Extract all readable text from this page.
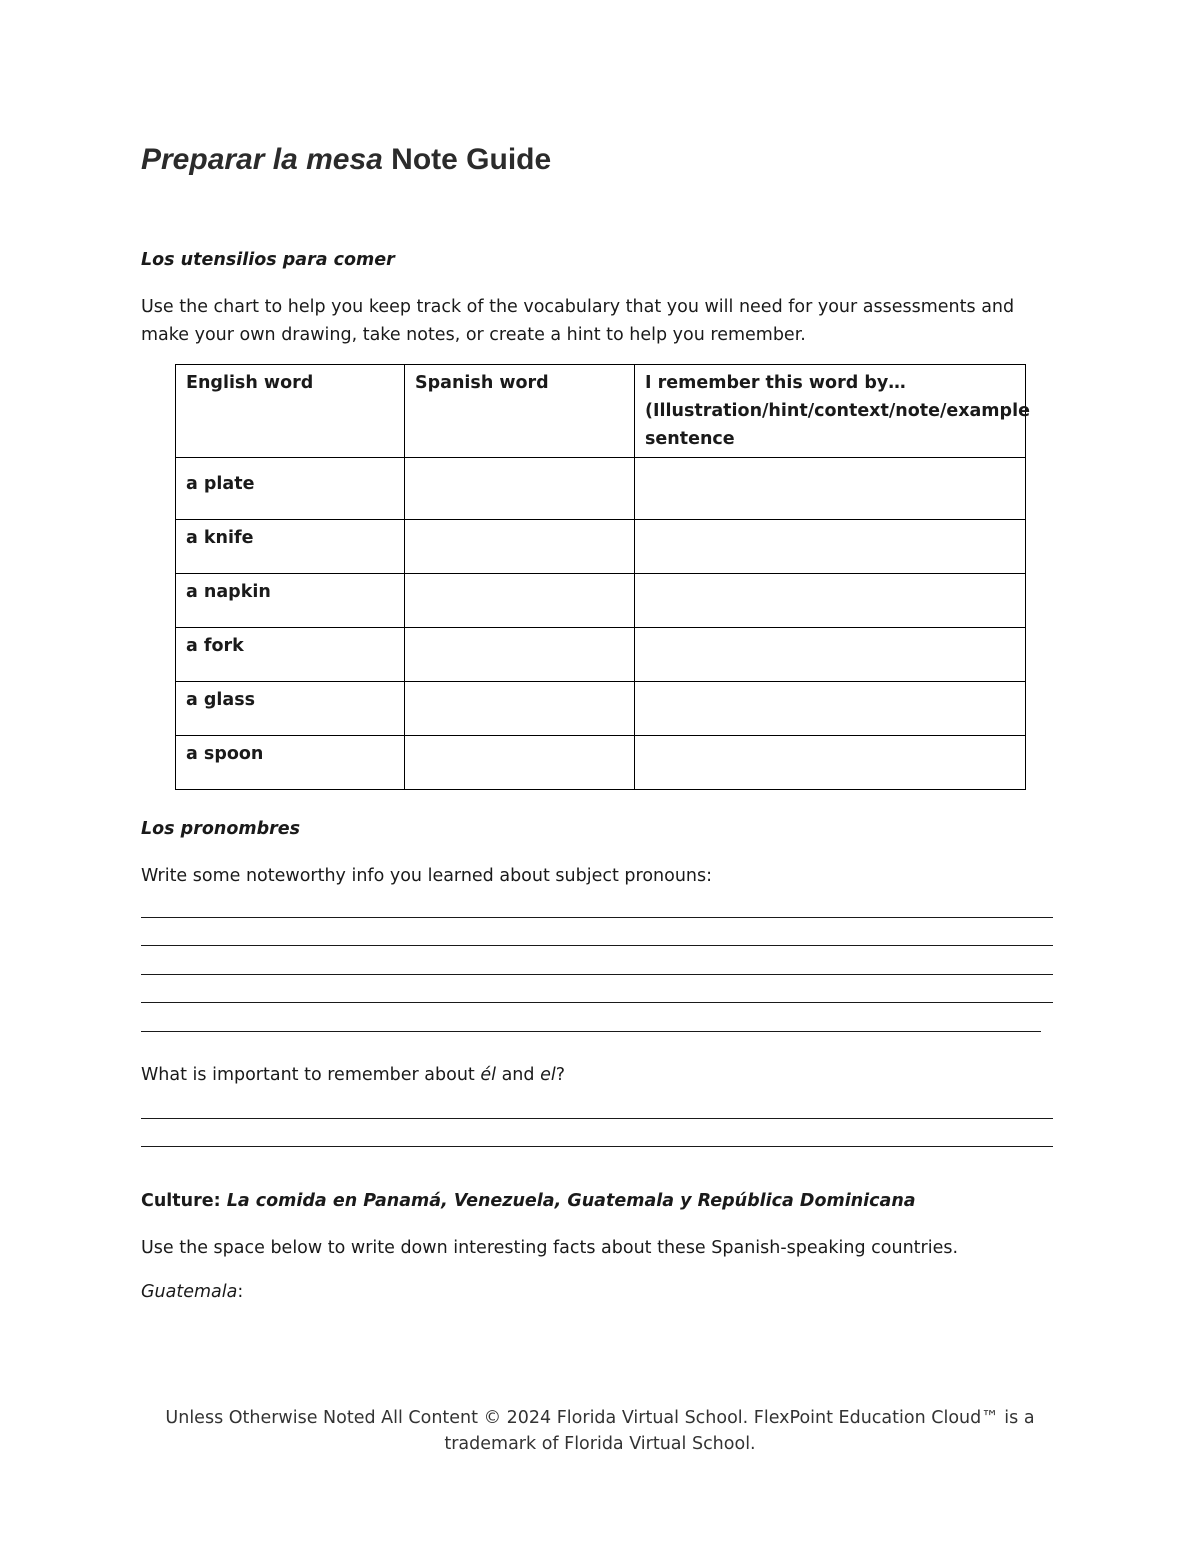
Preparar la mesa Note Guide
Los utensilios para comer

Use the chart to help you keep track of the vocabulary that you will need for your assessments and make your own drawing, take notes, or create a hint to help you remember.

English word	Spanish word	I remember this word by… (Illustration/hint/context/note/example sentence
a plate		
a knife		
a napkin		
a fork		
a glass		
a spoon		
Los pronombres

Write some noteworthy info you learned about subject pronouns:

What is important to remember about él and el?

Culture: La comida en Panamá, Venezuela, Guatemala y República Dominicana

Use the space below to write down interesting facts about these Spanish-speaking countries.

Guatemala:

Unless Otherwise Noted All Content © 2024 Florida Virtual School. FlexPoint Education Cloud™ is a trademark of Florida Virtual School.
